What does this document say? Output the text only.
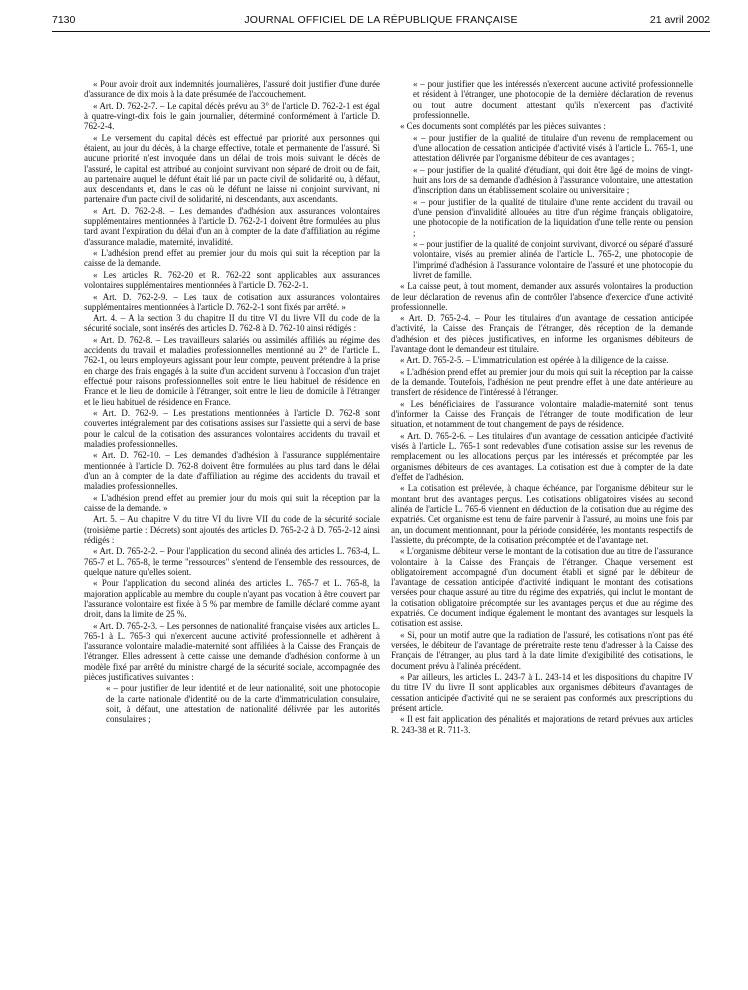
7130	JOURNAL OFFICIEL DE LA RÉPUBLIQUE FRANÇAISE	21 avril 2002

« Pour avoir droit aux indemnités journalières, l'assuré doit justifier d'une durée d'assurance de dix mois à la date présumée de l'accouchement.

« Art. D. 762-2-7. – Le capital décès prévu au 3° de l'article D. 762-2-1 est égal à quatre-vingt-dix fois le gain journalier, déterminé conformément à l'article D. 762-2-4.

« Le versement du capital décès est effectué par priorité aux personnes qui étaient, au jour du décès, à la charge effective, totale et permanente de l'assuré. Si aucune priorité n'est invoquée dans un délai de trois mois suivant le décès de l'assuré, le capital est attribué au conjoint survivant non séparé de droit ou de fait, au partenaire auquel le défunt était lié par un pacte civil de solidarité ou, à défaut, aux descendants et, dans le cas où le défunt ne laisse ni conjoint survivant, ni partenaire d'un pacte civil de solidarité, ni descendants, aux ascendants.

« Art. D. 762-2-8. – Les demandes d'adhésion aux assurances volontaires supplémentaires mentionnées à l'article D. 762-2-1 doivent être formulées au plus tard avant l'expiration du délai d'un an à compter de la date d'affiliation au régime d'assurance maladie, maternité, invalidité.

« L'adhésion prend effet au premier jour du mois qui suit la réception par la caisse de la demande.

« Les articles R. 762-20 et R. 762-22 sont applicables aux assurances volontaires supplémentaires mentionnées à l'article D. 762-2-1.

« Art. D. 762-2-9. – Les taux de cotisation aux assurances volontaires supplémentaires mentionnées à l'article D. 762-2-1 sont fixés par arrêté. »

Art. 4. – A la section 3 du chapitre II du titre VI du livre VII du code de la sécurité sociale, sont insérés des articles D. 762-8 à D. 762-10 ainsi rédigés :

« Art. D. 762-8. – Les travailleurs salariés ou assimilés affiliés au régime des accidents du travail et maladies professionnelles mentionné au 2° de l'article L. 762-1, ou leurs employeurs agissant pour leur compte, peuvent prétendre à la prise en charge des frais engagés à la suite d'un accident survenu à l'occasion d'un trajet effectué pour raisons professionnelles soit entre le lieu habituel de résidence en France et le lieu de domicile à l'étranger, soit entre le lieu de domicile à l'étranger et le lieu habituel de résidence en France.

« Art. D. 762-9. – Les prestations mentionnées à l'article D. 762-8 sont couvertes intégralement par des cotisations assises sur l'assiette qui a servi de base pour le calcul de la cotisation des assurances volontaires accidents du travail et maladies professionnelles.

« Art. D. 762-10. – Les demandes d'adhésion à l'assurance supplémentaire mentionnée à l'article D. 762-8 doivent être formulées au plus tard dans le délai d'un an à compter de la date d'affiliation au régime des accidents du travail et maladies professionnelles.

« L'adhésion prend effet au premier jour du mois qui suit la réception par la caisse de la demande. »

Art. 5. – Au chapitre V du titre VI du livre VII du code de la sécurité sociale (troisième partie : Décrets) sont ajoutés des articles D. 765-2-2 à D. 765-2-12 ainsi rédigés :

« Art. D. 765-2-2. – Pour l'application du second alinéa des articles L. 763-4, L. 765-7 et L. 765-8, le terme "ressources" s'entend de l'ensemble des ressources, de quelque nature qu'elles soient.

« Pour l'application du second alinéa des articles L. 765-7 et L. 765-8, la majoration applicable au membre du couple n'ayant pas vocation à être couvert par l'assurance volontaire est fixée à 5 % par membre de famille déclaré comme ayant droit, dans la limite de 25 %.

« Art. D. 765-2-3. – Les personnes de nationalité française visées aux articles L. 765-1 à L. 765-3 qui n'exercent aucune activité professionnelle et adhèrent à l'assurance volontaire maladie-maternité sont affiliées à la Caisse des Français de l'étranger. Elles adressent à cette caisse une demande d'adhésion conforme à un modèle fixé par arrêté du ministre chargé de la sécurité sociale, accompagnée des pièces justificatives suivantes :

« – pour justifier de leur identité et de leur nationalité, soit une photocopie de la carte nationale d'identité ou de la carte d'immatriculation consulaire, soit, à défaut, une attestation de nationalité délivrée par les autorités consulaires ;

« – pour justifier que les intéressés n'exercent aucune activité professionnelle et résident à l'étranger, une photocopie de la dernière déclaration de revenus ou tout autre document attestant qu'ils n'exercent pas d'activité professionnelle.

« Ces documents sont complétés par les pièces suivantes :

« – pour justifier de la qualité de titulaire d'un revenu de remplacement ou d'une allocation de cessation anticipée d'activité visés à l'article L. 765-1, une attestation délivrée par l'organisme débiteur de ces avantages ;

« – pour justifier de la qualité d'étudiant, qui doit être âgé de moins de vingt-huit ans lors de sa demande d'adhésion à l'assurance volontaire, une attestation d'inscription dans un établissement scolaire ou universitaire ;

« – pour justifier de la qualité de titulaire d'une rente accident du travail ou d'une pension d'invalidité allouées au titre d'un régime français obligatoire, une photocopie de la notification de la liquidation d'une telle rente ou pension ;

« – pour justifier de la qualité de conjoint survivant, divorcé ou séparé d'assuré volontaire, visés au premier alinéa de l'article L. 765-2, une photocopie de l'imprimé d'adhésion à l'assurance volontaire de l'assuré et une photocopie du livret de famille.

« La caisse peut, à tout moment, demander aux assurés volontaires la production de leur déclaration de revenus afin de contrôler l'absence d'exercice d'une activité professionnelle.

« Art. D. 765-2-4. – Pour les titulaires d'un avantage de cessation anticipée d'activité, la Caisse des Français de l'étranger, dès réception de la demande d'adhésion et des pièces justificatives, en informe les organismes débiteurs de l'avantage dont le demandeur est titulaire.

« Art. D. 765-2-5. – L'immatriculation est opérée à la diligence de la caisse.

« L'adhésion prend effet au premier jour du mois qui suit la réception par la caisse de la demande. Toutefois, l'adhésion ne peut prendre effet à une date antérieure au transfert de résidence de l'intéressé à l'étranger.

« Les bénéficiaires de l'assurance volontaire maladie-maternité sont tenus d'informer la Caisse des Français de l'étranger de toute modification de leur situation, et notamment de tout changement de pays de résidence.

« Art. D. 765-2-6. – Les titulaires d'un avantage de cessation anticipée d'activité visés à l'article L. 765-1 sont redevables d'une cotisation assise sur les revenus de remplacement ou les allocations perçus par les intéressés et précomptée par les organismes débiteurs de ces avantages. La cotisation est due à compter de la date d'effet de l'adhésion.

« La cotisation est prélevée, à chaque échéance, par l'organisme débiteur sur le montant brut des avantages perçus. Les cotisations obligatoires visées au second alinéa de l'article L. 765-6 viennent en déduction de la cotisation due au régime des expatriés. Cet organisme est tenu de faire parvenir à l'assuré, au moins une fois par an, un document mentionnant, pour la période considérée, les montants respectifs de l'assiette, du précompte, de la cotisation précomptée et de l'avantage net.

« L'organisme débiteur verse le montant de la cotisation due au titre de l'assurance volontaire à la Caisse des Français de l'étranger. Chaque versement est obligatoirement accompagné d'un document établi et signé par le débiteur de l'avantage de cessation anticipée d'activité indiquant le montant des cotisations versées pour chaque assuré au titre du régime des expatriés, qui inclut le montant de la cotisation obligatoire précomptée sur les avantages perçus et due au régime des expatriés. Ce document indique également le montant des avantages sur lesquels la cotisation est assise.

« Si, pour un motif autre que la radiation de l'assuré, les cotisations n'ont pas été versées, le débiteur de l'avantage de préretraite reste tenu d'adresser à la Caisse des Français de l'étranger, au plus tard à la date limite d'exigibilité des cotisations, le document prévu à l'alinéa précédent.

« Par ailleurs, les articles L. 243-7 à L. 243-14 et les dispositions du chapitre IV du titre IV du livre II sont applicables aux organismes débiteurs d'avantages de cessation anticipée d'activité qui ne se seraient pas conformés aux prescriptions du présent article.

« Il est fait application des pénalités et majorations de retard prévues aux articles R. 243-38 et R. 711-3.
